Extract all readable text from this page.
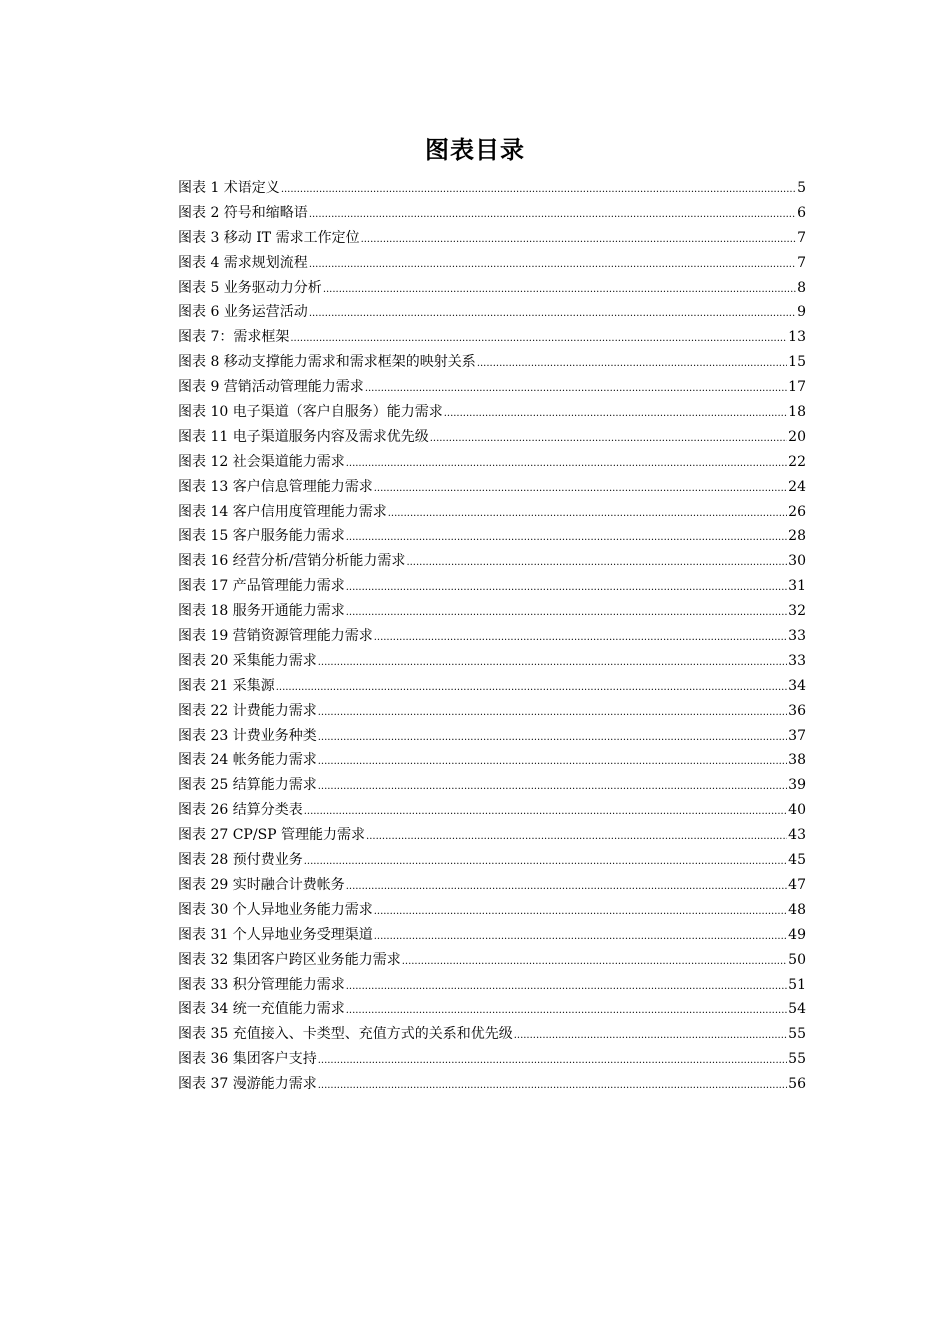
图表目录
图表 1 术语定义 .....	5
图表 2 符号和缩略语 .....	6
图表 3 移动 IT 需求工作定位 .....	7
图表 4 需求规划流程 .....	7
图表 5 业务驱动力分析 .....	8
图表 6 业务运营活动 .....	9
图表 7：需求框架 .....	13
图表 8 移动支撑能力需求和需求框架的映射关系 .....	15
图表 9 营销活动管理能力需求 .....	17
图表 10 电子渠道（客户自服务）能力需求 .....	18
图表 11 电子渠道服务内容及需求优先级 .....	20
图表 12 社会渠道能力需求 .....	22
图表 13 客户信息管理能力需求 .....	24
图表 14 客户信用度管理能力需求 .....	26
图表 15 客户服务能力需求 .....	28
图表 16 经营分析/营销分析能力需求 .....	30
图表 17 产品管理能力需求 .....	31
图表 18 服务开通能力需求 .....	32
图表 19 营销资源管理能力需求 .....	33
图表 20 采集能力需求 .....	33
图表 21 采集源 .....	34
图表 22 计费能力需求 .....	36
图表 23 计费业务种类 .....	37
图表 24 帐务能力需求 .....	38
图表 25 结算能力需求 .....	39
图表 26 结算分类表 .....	40
图表 27 CP/SP 管理能力需求 .....	43
图表 28 预付费业务 .....	45
图表 29 实时融合计费帐务 .....	47
图表 30 个人异地业务能力需求 .....	48
图表 31 个人异地业务受理渠道 .....	49
图表 32 集团客户跨区业务能力需求 .....	50
图表 33 积分管理能力需求 .....	51
图表 34 统一充值能力需求 .....	54
图表 35 充值接入、卡类型、充值方式的关系和优先级 .....	55
图表 36 集团客户支持 .....	55
图表 37 漫游能力需求 .....	56
